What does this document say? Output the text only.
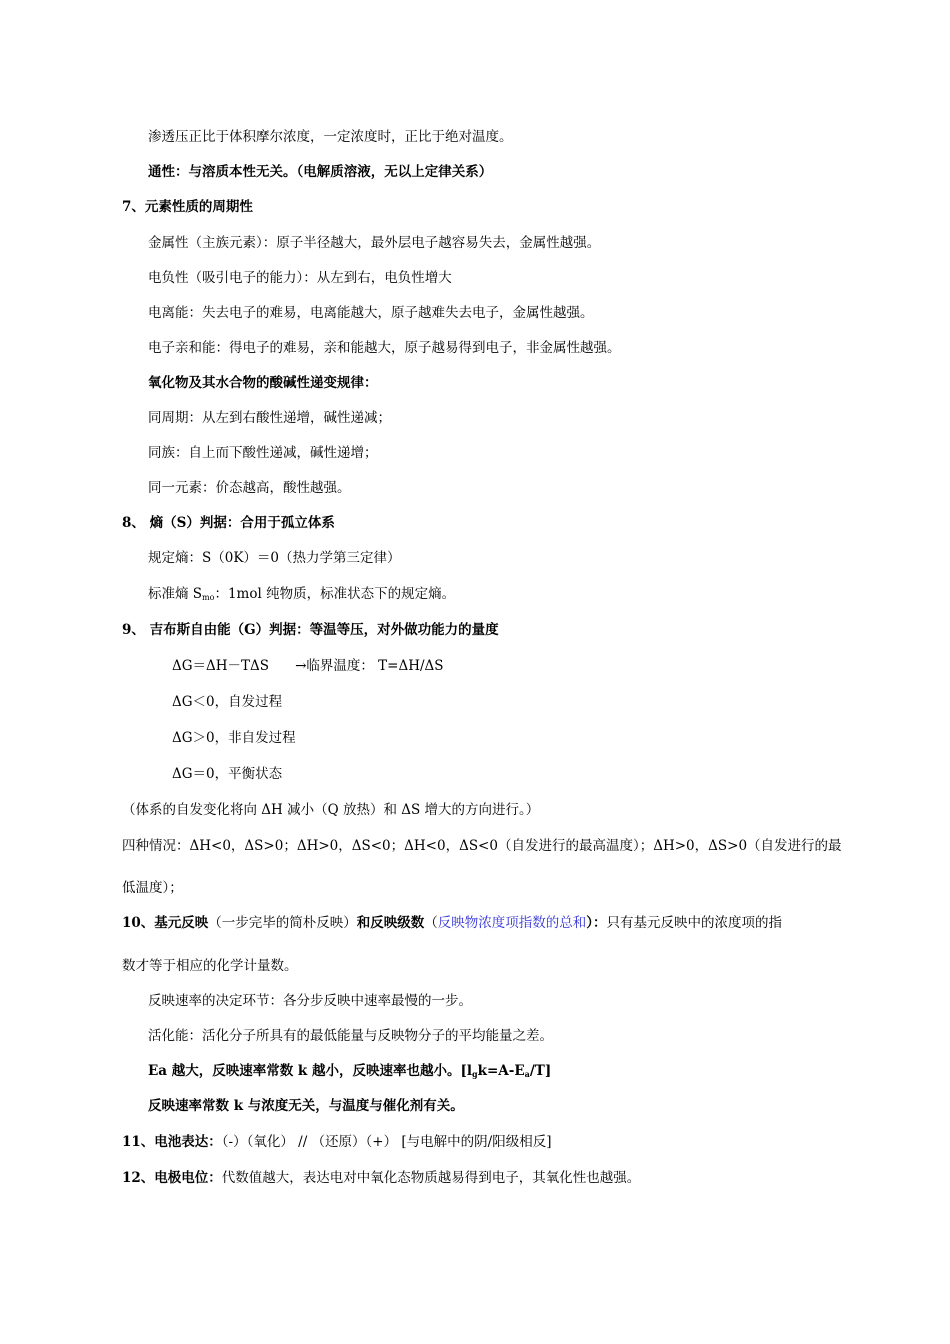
渗透压正比于体积摩尔浓度，一定浓度时，正比于绝对温度。
通性：与溶质本性无关。（电解质溶液，无以上定律关系）
7、元素性质的周期性
金属性（主族元素）：原子半径越大，最外层电子越容易失去，金属性越强。
电负性（吸引电子的能力）：从左到右，电负性增大
电离能：失去电子的难易，电离能越大，原子越难失去电子，金属性越强。
电子亲和能：得电子的难易，亲和能越大，原子越易得到电子，非金属性越强。
氧化物及其水合物的酸碱性递变规律：
同周期：从左到右酸性递增，碱性递减；
同族：自上而下酸性递减，碱性递增；
同一元素：价态越高，酸性越强。
8、 熵（S）判据：合用于孤立体系
规定熵：S（0K）＝0（热力学第三定律）
标准熵 $S_{mo}$：1mol 纯物质，标准状态下的规定熵。
9、 吉布斯自由能（G）判据：等温等压，对外做功能力的量度
ΔG＝ΔH－TΔS →临界温度： T=ΔH/ΔS
ΔG＜0，自发过程
ΔG＞0，非自发过程
ΔG＝0，平衡状态
（体系的自发变化将向 ΔH 减小（Q 放热）和 ΔS 增大的方向进行。）
四种情况：ΔH<0，ΔS>0；ΔH>0，ΔS<0；ΔH<0，ΔS<0（自发进行的最高温度）；ΔH>0，ΔS>0（自发进行的最
低温度）；
10、基元反映（一步完毕的简朴反映）和反映级数（反映物浓度项指数的总和）：只有基元反映中的浓度项的指
数才等于相应的化学计量数。
反映速率的决定环节：各分步反映中速率最慢的一步。
活化能：活化分子所具有的最低能量与反映物分子的平均能量之差。
Ea 越大，反映速率常数 k 越小，反映速率也越小。$[l_gk=A-E_a/T]$
反映速率常数 k 与浓度无关，与温度与催化剂有关。
11、电池表达：（-）（氧化） // （还原）（+） [与电解中的阴/阳级相反]
12、电极电位：代数值越大，表达电对中氧化态物质越易得到电子，其氧化性也越强。
